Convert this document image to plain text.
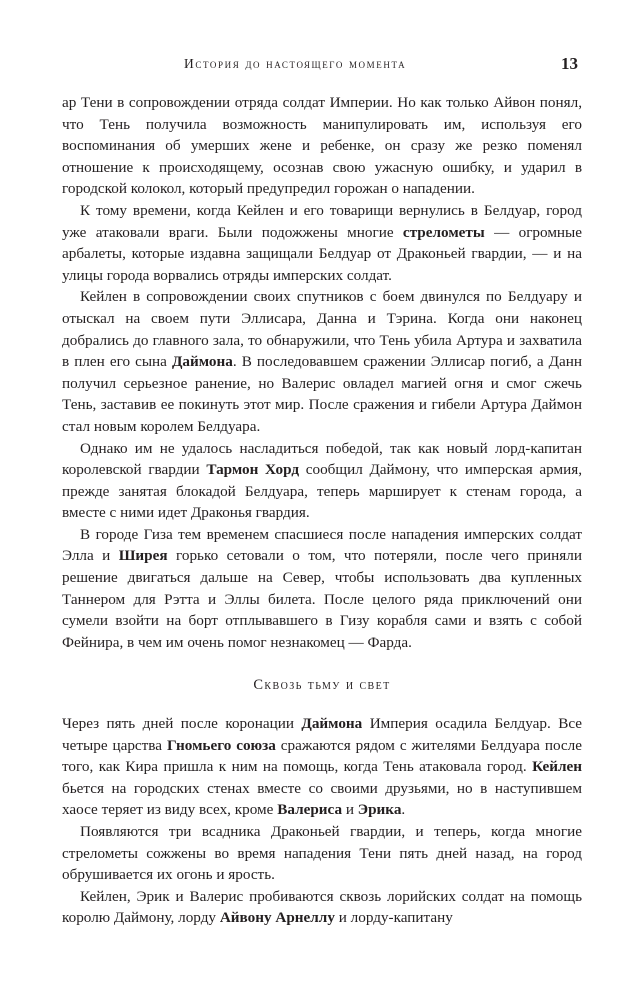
История до настоящего момента	13

ар Тени в сопровождении отряда солдат Империи. Но как только Айвон понял, что Тень получила возможность манипулировать им, используя его воспоминания об умерших жене и ребенке, он сразу же резко поменял отношение к происходящему, осознав свою ужасную ошибку, и ударил в городской колокол, который предупредил горожан о нападении.

К тому времени, когда Кейлен и его товарищи вернулись в Белдуар, город уже атаковали враги. Были подожжены многие стрелометы — огромные арбалеты, которые издавна защищали Белдуар от Драконьей гвардии, — и на улицы города ворвались отряды имперских солдат.

Кейлен в сопровождении своих спутников с боем двинулся по Белдуару и отыскал на своем пути Эллисара, Данна и Тэрина. Когда они наконец добрались до главного зала, то обнаружили, что Тень убила Артура и захватила в плен его сына Даймона. В последовавшем сражении Эллисар погиб, а Данн получил серьезное ранение, но Валерис овладел магией огня и смог сжечь Тень, заставив ее покинуть этот мир. После сражения и гибели Артура Даймон стал новым королем Белдуара.

Однако им не удалось насладиться победой, так как новый лорд-капитан королевской гвардии Тармон Хорд сообщил Даймону, что имперская армия, прежде занятая блокадой Белдуара, теперь марширует к стенам города, а вместе с ними идет Драконья гвардия.

В городе Гиза тем временем спасшиеся после нападения имперских солдат Элла и Ширея горько сетовали о том, что потеряли, после чего приняли решение двигаться дальше на Север, чтобы использовать два купленных Таннером для Рэтта и Эллы билета. После целого ряда приключений они сумели взойти на борт отплывавшего в Гизу корабля сами и взять с собой Фейнира, в чем им очень помог незнакомец — Фарда.

Сквозь тьму и свет

Через пять дней после коронации Даймона Империя осадила Белдуар. Все четыре царства Гномьего союза сражаются рядом с жителями Белдуара после того, как Кира пришла к ним на помощь, когда Тень атаковала город. Кейлен бьется на городских стенах вместе со своими друзьями, но в наступившем хаосе теряет из виду всех, кроме Валериса и Эрика.

Появляются три всадника Драконьей гвардии, и теперь, когда многие стрелометы сожжены во время нападения Тени пять дней назад, на город обрушивается их огонь и ярость.

Кейлен, Эрик и Валерис пробиваются сквозь лорийских солдат на помощь королю Даймону, лорду Айвону Арнеллу и лорду-капитану
